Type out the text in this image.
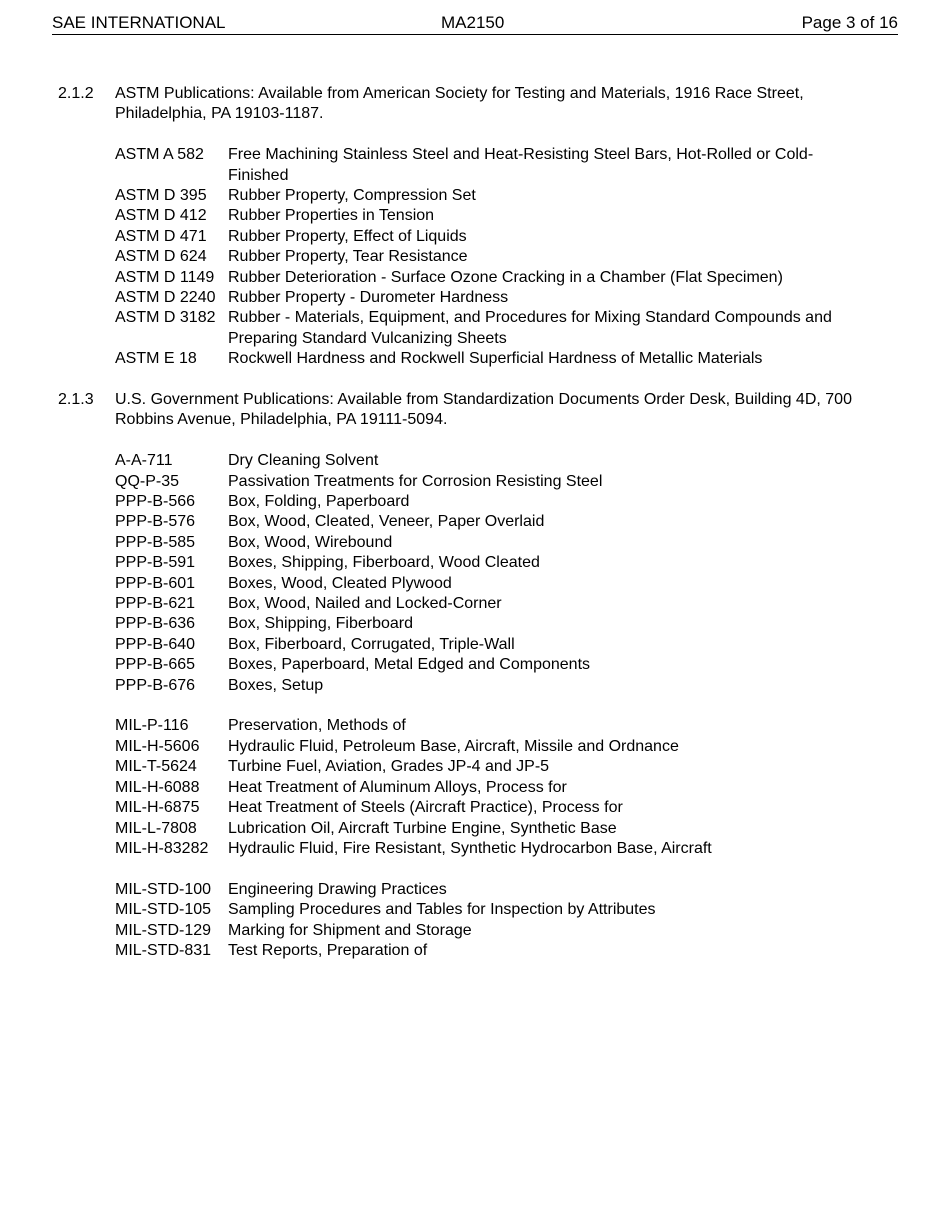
SAE INTERNATIONAL	MA2150	Page 3 of 16
2.1.2 ASTM Publications: Available from American Society for Testing and Materials, 1916 Race Street, Philadelphia, PA 19103-1187.
ASTM A 582	Free Machining Stainless Steel and Heat-Resisting Steel Bars, Hot-Rolled or Cold-Finished
ASTM D 395	Rubber Property, Compression Set
ASTM D 412	Rubber Properties in Tension
ASTM D 471	Rubber Property, Effect of Liquids
ASTM D 624	Rubber Property, Tear Resistance
ASTM D 1149 Rubber Deterioration - Surface Ozone Cracking in a Chamber (Flat Specimen)
ASTM D 2240 Rubber Property - Durometer Hardness
ASTM D 3182 Rubber - Materials, Equipment, and Procedures for Mixing Standard Compounds and Preparing Standard Vulcanizing Sheets
ASTM E 18	Rockwell Hardness and Rockwell Superficial Hardness of Metallic Materials
2.1.3 U.S. Government Publications: Available from Standardization Documents Order Desk, Building 4D, 700 Robbins Avenue, Philadelphia, PA 19111-5094.
A-A-711	Dry Cleaning Solvent
QQ-P-35	Passivation Treatments for Corrosion Resisting Steel
PPP-B-566	Box, Folding, Paperboard
PPP-B-576	Box, Wood, Cleated, Veneer, Paper Overlaid
PPP-B-585	Box, Wood, Wirebound
PPP-B-591	Boxes, Shipping, Fiberboard, Wood Cleated
PPP-B-601	Boxes, Wood, Cleated Plywood
PPP-B-621	Box, Wood, Nailed and Locked-Corner
PPP-B-636	Box, Shipping, Fiberboard
PPP-B-640	Box, Fiberboard, Corrugated, Triple-Wall
PPP-B-665	Boxes, Paperboard, Metal Edged and Components
PPP-B-676	Boxes, Setup
MIL-P-116	Preservation, Methods of
MIL-H-5606	Hydraulic Fluid, Petroleum Base, Aircraft, Missile and Ordnance
MIL-T-5624	Turbine Fuel, Aviation, Grades JP-4 and JP-5
MIL-H-6088	Heat Treatment of Aluminum Alloys, Process for
MIL-H-6875	Heat Treatment of Steels (Aircraft Practice), Process for
MIL-L-7808	Lubrication Oil, Aircraft Turbine Engine, Synthetic Base
MIL-H-83282	Hydraulic Fluid, Fire Resistant, Synthetic Hydrocarbon Base, Aircraft
MIL-STD-100	Engineering Drawing Practices
MIL-STD-105	Sampling Procedures and Tables for Inspection by Attributes
MIL-STD-129	Marking for Shipment and Storage
MIL-STD-831	Test Reports, Preparation of
